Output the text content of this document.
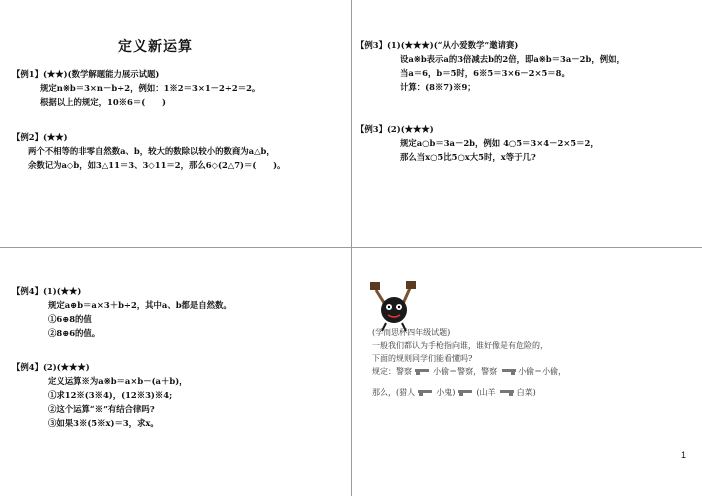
定义新运算
【例1】(★★)(数学解题能力展示试题)
规定n※b＝3×n－b÷2，例如：1※2＝3×1－2÷2＝2。
根据以上的规定，10※6＝(　　)
【例2】(★★)
两个不相等的非零自然数a、b，较大的数除以较小的数商为a△b，
余数记为a◇b，如3△11＝3、3◇11＝2，那么6◇(2△7)＝(　　)。
【例3】(1)(★★★)(“从小爱数学”邀请赛)
设a※b表示a的3倍减去b的2倍，即a※b＝3a－2b，例如，
当a＝6，b＝5时，6※5＝3×6－2×5＝8。
计算：(8※7)※9；
【例3】(2)(★★★)
规定a○b＝3a－2b，例如 4○5＝3×4－2×5＝2，
那么当x○5比5○x大5时，x等于几?
【例4】(1)(★★)
规定a⊕b＝a×3＋b÷2，其中a、b都是自然数。
①6⊕8的值
②8⊕6的值。
【例4】(2)(★★★)
定义运算※为a※b＝a×b－(a＋b)，
①求12※(3※4)，(12※3)※4;
②这个运算“※”有结合律吗?
③如果3※(5※x)＝3，求x。
(学而思杯四年级试题)
一般我们都认为手枪指向谁，谁好像是有危险的，
下面的规则同学们能看懂吗?
规定：警察	小偷＝警察，警察	小偷＝小偷，
那么，(猎人	小鬼)	(山羊	白菜)
1
